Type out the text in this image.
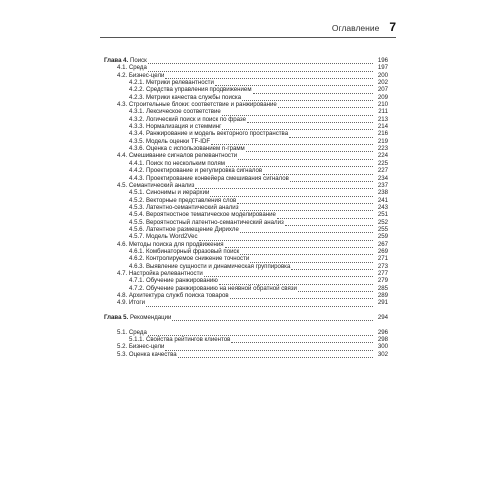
Оглавление 7
Глава 4. Поиск	196
4.1. Среда	197
4.2. Бизнес-цели	200
4.2.1. Метрики релевантности	202
4.2.2. Средства управления продвижением	207
4.2.3. Метрики качества службы поиска	209
4.3. Строительные блоки: соответствие и ранжирование	210
4.3.1. Лексическое соответствие	211
4.3.2. Логический поиск и поиск по фразе	213
4.3.3. Нормализация и стемминг	214
4.3.4. Ранжирование и модель векторного пространства	216
4.3.5. Модель оценки TF-IDF	219
4.3.6. Оценка с использованием n-грамм	223
4.4. Смешивание сигналов релевантности	224
4.4.1. Поиск по нескольким полям	225
4.4.2. Проектирование и регулировка сигналов	227
4.4.3. Проектирование конвейера смешивания сигналов	234
4.5. Семантический анализ	237
4.5.1. Синонимы и иерархии	238
4.5.2. Векторные представления слов	241
4.5.3. Латентно-семантический анализ	243
4.5.4. Вероятностное тематическое моделирование	251
4.5.5. Вероятностный латентно-семантический анализ	252
4.5.6. Латентное размещение Дирихле	255
4.5.7. Модель Word2Vec	259
4.6. Методы поиска для продвижения	267
4.6.1. Комбинаторный фразовый поиск	269
4.6.2. Контролируемое снижение точности	271
4.6.3. Выявление сущности и динамическая группировка	273
4.7. Настройка релевантности	277
4.7.1. Обучение ранжированию	279
4.7.2. Обучение ранжированию на неявной обратной связи	285
4.8. Архитектура служб поиска товаров	289
4.9. Итоги	291
Глава 5. Рекомендации	294
5.1. Среда	296
5.1.1. Свойства рейтингов клиентов	298
5.2. Бизнес-цели	300
5.3. Оценка качества	302
